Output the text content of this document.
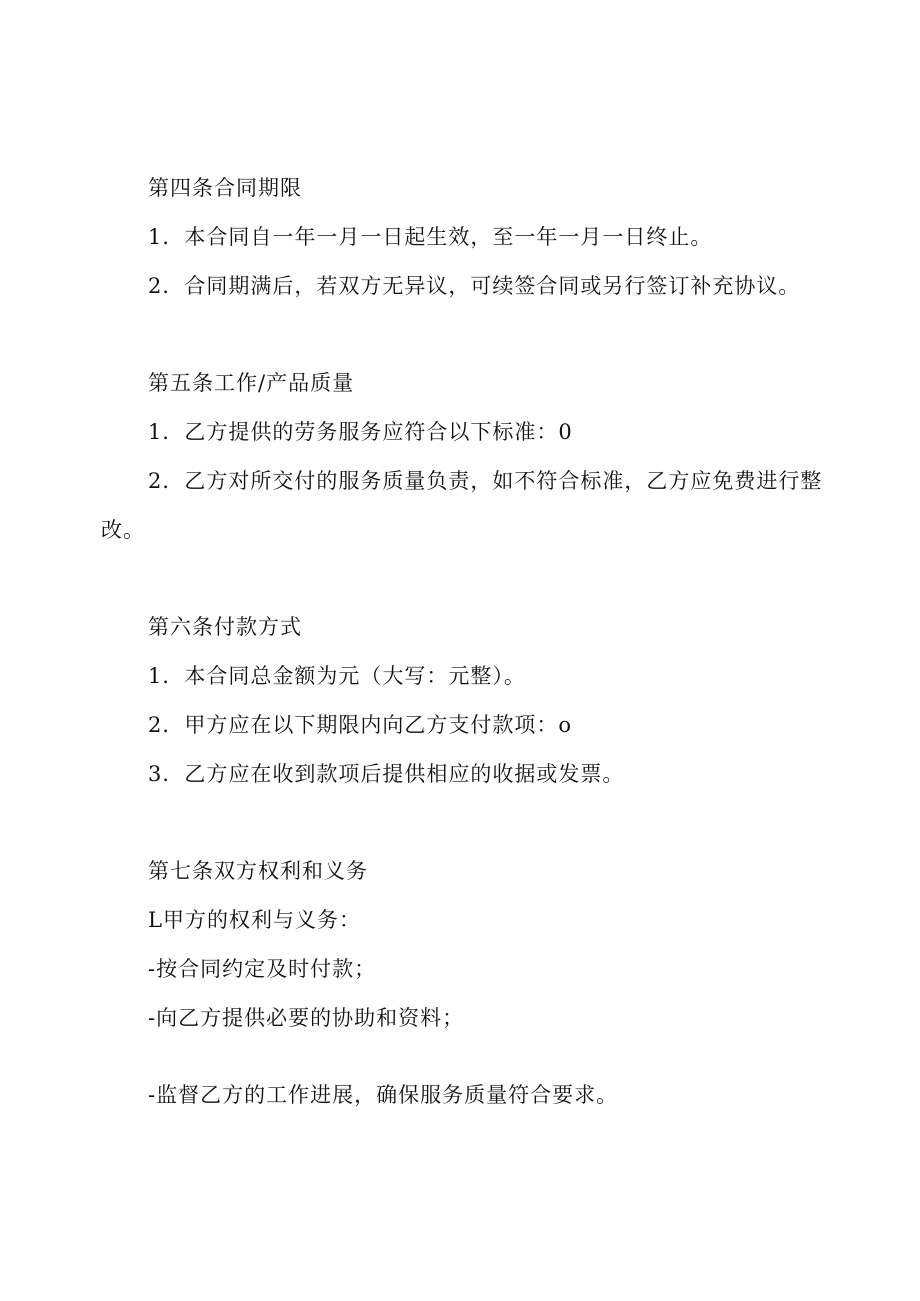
第四条合同期限
1．本合同自一年一月一日起生效，至一年一月一日终止。
2．合同期满后，若双方无异议，可续签合同或另行签订补充协议。
第五条工作/产品质量
1．乙方提供的劳务服务应符合以下标准：0
2．乙方对所交付的服务质量负责，如不符合标准，乙方应免费进行整
改。
第六条付款方式
1．本合同总金额为元（大写：元整）。
2．甲方应在以下期限内向乙方支付款项：o
3．乙方应在收到款项后提供相应的收据或发票。
第七条双方权利和义务
L甲方的权利与义务：
-按合同约定及时付款；
-向乙方提供必要的协助和资料；
-监督乙方的工作进展，确保服务质量符合要求。
